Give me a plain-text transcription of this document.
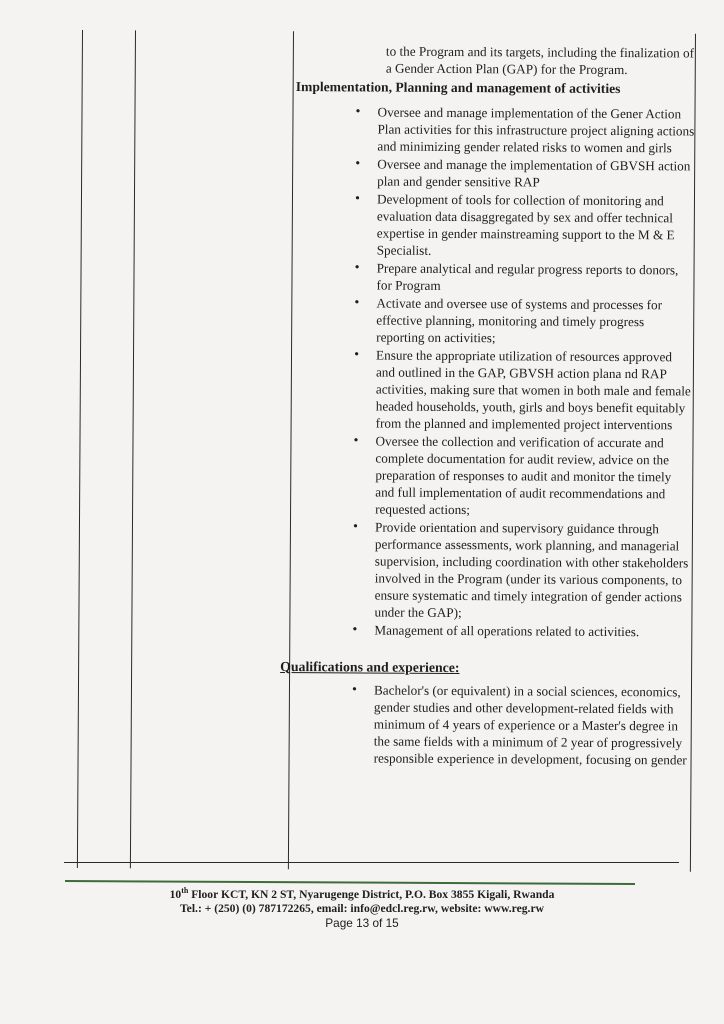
to the Program and its targets, including the finalization of a Gender Action Plan (GAP) for the Program.

Implementation, Planning and management of activities
• Oversee and manage implementation of the Gener Action Plan activities for this infrastructure project aligning actions and minimizing gender related risks to women and girls
• Oversee and manage the implementation of GBVSH action plan and gender sensitive RAP
• Development of tools for collection of monitoring and evaluation data disaggregated by sex and offer technical expertise in gender mainstreaming support to the M & E Specialist.
• Prepare analytical and regular progress reports to donors, for Program
• Activate and oversee use of systems and processes for effective planning, monitoring and timely progress reporting on activities;
• Ensure the appropriate utilization of resources approved and outlined in the GAP, GBVSH action plana nd RAP activities, making sure that women in both male and female headed households, youth, girls and boys benefit equitably from the planned and implemented project interventions
• Oversee the collection and verification of accurate and complete documentation for audit review, advice on the preparation of responses to audit and monitor the timely and full implementation of audit recommendations and requested actions;
• Provide orientation and supervisory guidance through performance assessments, work planning, and managerial supervision, including coordination with other stakeholders involved in the Program (under its various components, to ensure systematic and timely integration of gender actions under the GAP);
• Management of all operations related to activities.
Qualifications and experience:
• Bachelor's (or equivalent) in a social sciences, economics, gender studies and other development-related fields with minimum of 4 years of experience or a Master's degree in the same fields with a minimum of 2 year of progressively responsible experience in development, focusing on gender
10th Floor KCT, KN 2 ST, Nyarugenge District, P.O. Box 3855 Kigali, Rwanda
Tel.: + (250) (0) 787172265, email: info@edcl.reg.rw, website: www.reg.rw
Page 13 of 15
